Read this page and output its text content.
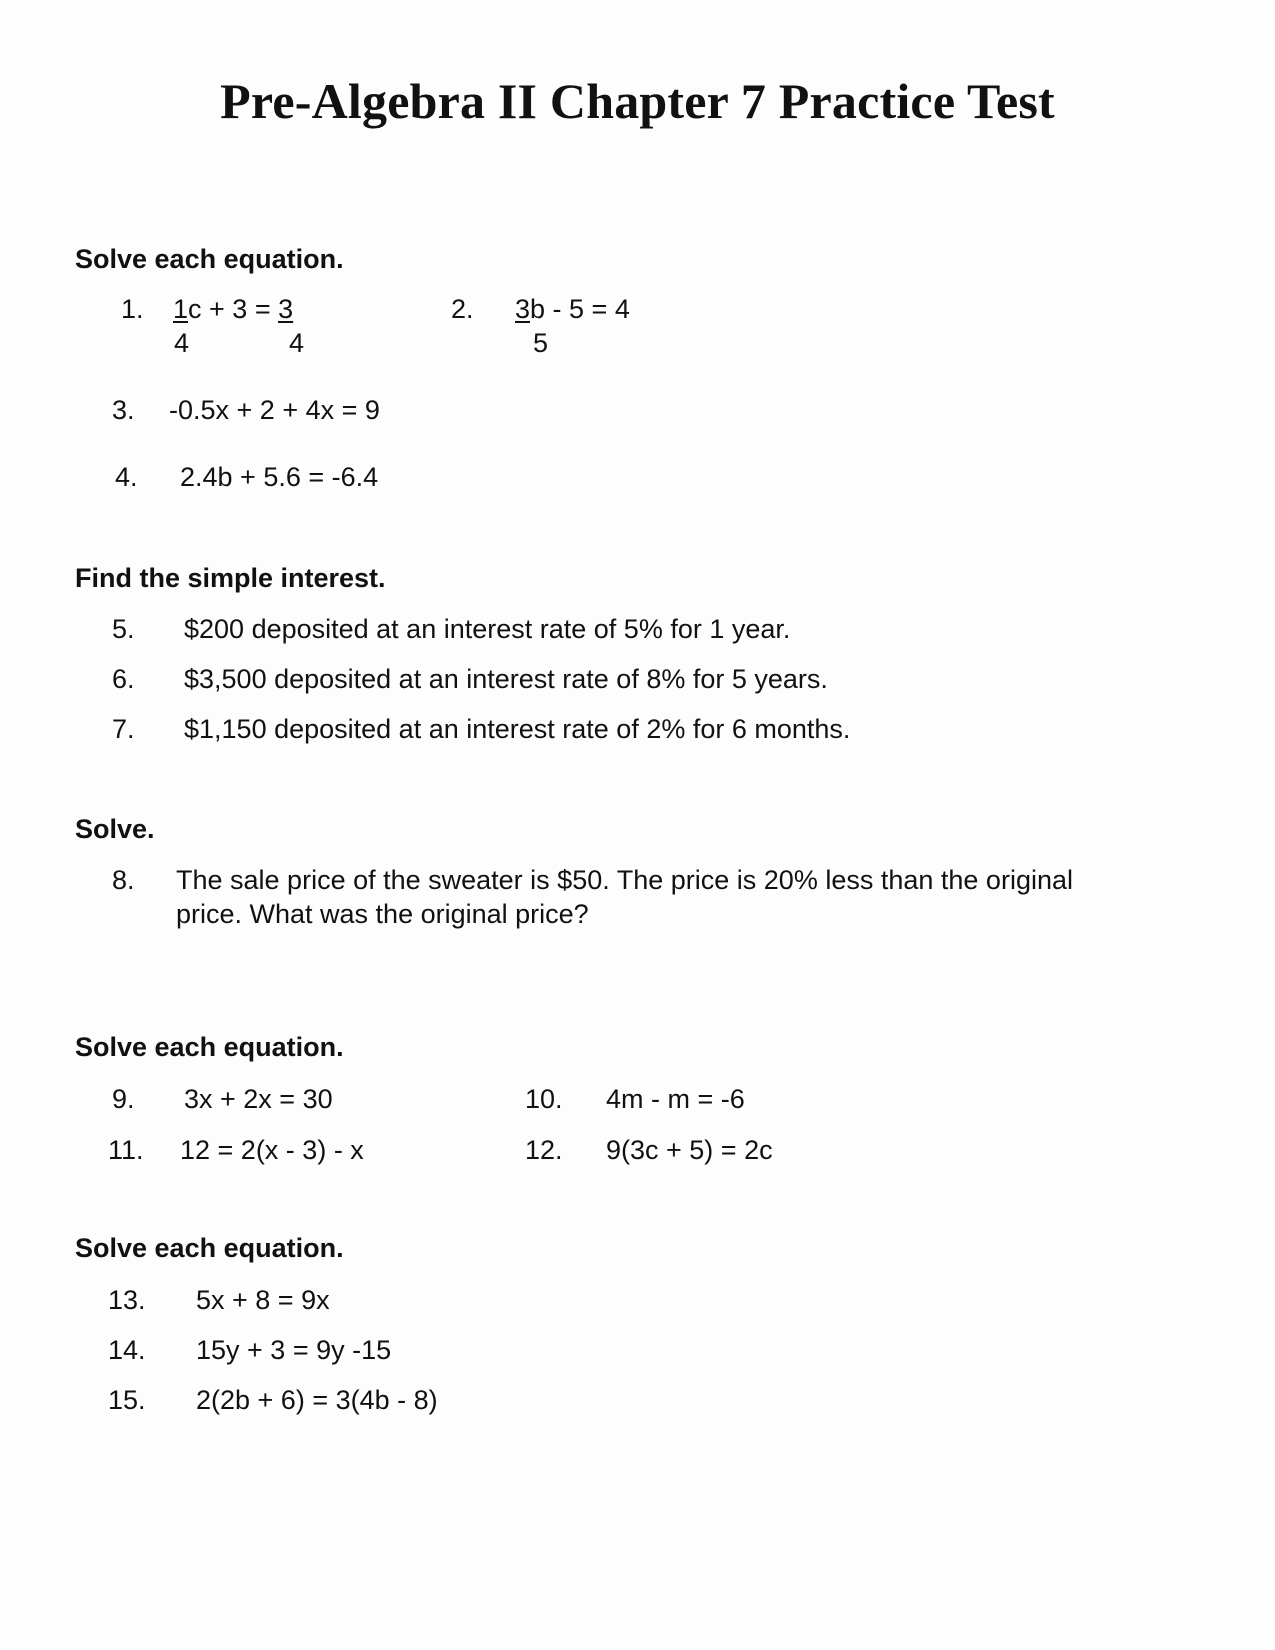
Pre-Algebra II Chapter 7 Practice Test
Solve each equation.
1. 1c + 3 = 3
4	4
2. 3b - 5 = 4
5
3. -0.5x + 2 + 4x = 9
4. 2.4b + 5.6 = -6.4
Find the simple interest.
5. $200 deposited at an interest rate of 5% for 1 year.
6. $3,500 deposited at an interest rate of 8% for 5 years.
7. $1,150 deposited at an interest rate of 2% for 6 months.
Solve.
8. The sale price of the sweater is $50. The price is 20% less than the original
price. What was the original price?
Solve each equation.
9. 3x + 2x = 30	10. 4m - m = -6
11. 12 = 2(x - 3) - x	12. 9(3c + 5) = 2c
Solve each equation.
13. 5x + 8 = 9x
14. 15y + 3 = 9y -15
15. 2(2b + 6) = 3(4b - 8)
